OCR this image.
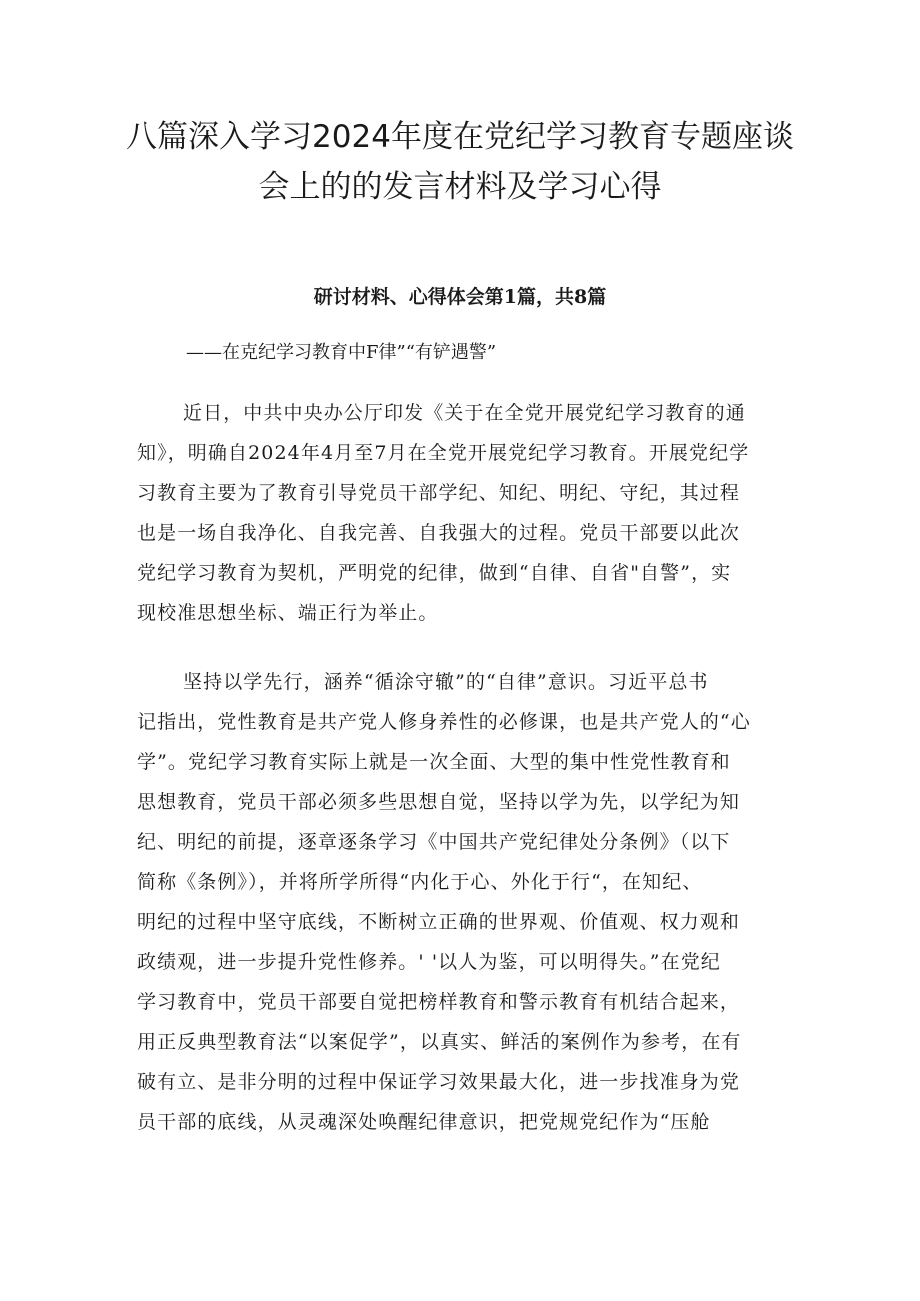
八篇深入学习2024年度在党纪学习教育专题座谈
会上的的发言材料及学习心得

研讨材料、心得体会第1篇，共8篇

——在克纪学习教育中F律”“有铲遇警”

近日，中共中央办公厅印发《关于在全党开展党纪学习教育的通
知》，明确自2024年4月至7月在全党开展党纪学习教育。开展党纪学
习教育主要为了教育引导党员干部学纪、知纪、明纪、守纪，其过程
也是一场自我净化、自我完善、自我强大的过程。党员干部要以此次
党纪学习教育为契机，严明党的纪律，做到“自律、自省"自警”，实
现校准思想坐标、端正行为举止。
坚持以学先行，涵养“循涂守辙”的“自律”意识。习近平总书
记指出，党性教育是共产党人修身养性的必修课，也是共产党人的“心
学”。党纪学习教育实际上就是一次全面、大型的集中性党性教育和
思想教育，党员干部必须多些思想自觉，坚持以学为先，以学纪为知
纪、明纪的前提，逐章逐条学习《中国共产党纪律处分条例》（以下
简称《条例》），并将所学所得“内化于心、外化于行“，在知纪、
明纪的过程中坚守底线，不断树立正确的世界观、价值观、权力观和
政绩观，进一步提升党性修养。' '以人为鉴，可以明得失。”在党纪
学习教育中，党员干部要自觉把榜样教育和警示教育有机结合起来，
用正反典型教育法“以案促学”，以真实、鲜活的案例作为参考，在有
破有立、是非分明的过程中保证学习效果最大化，进一步找准身为党
员干部的底线，从灵魂深处唤醒纪律意识，把党规党纪作为“压舱
